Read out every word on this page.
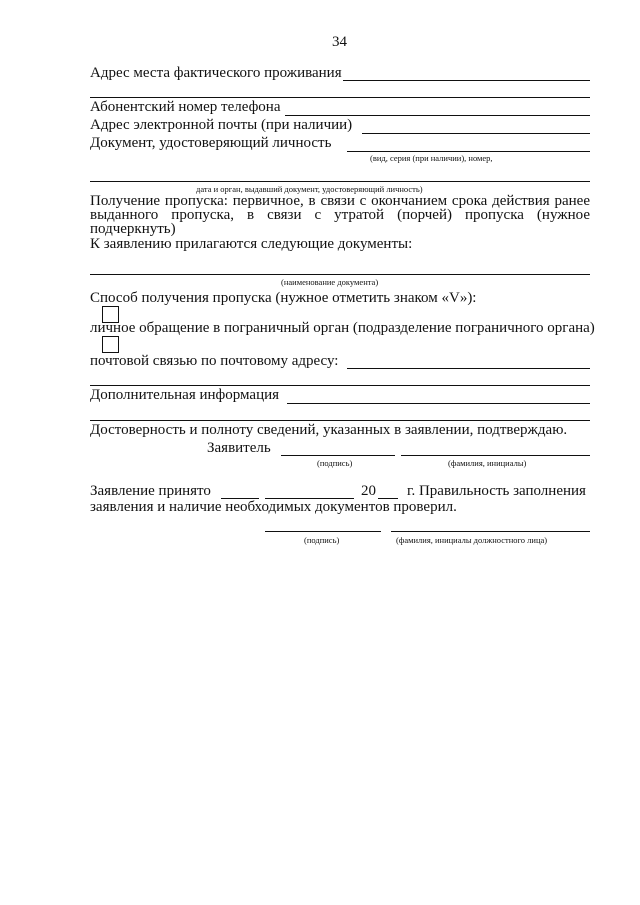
34
Адрес места фактического проживания
Абонентский номер телефона
Адрес электронной почты (при наличии)
Документ, удостоверяющий личность
(вид, серия (при наличии), номер,
дата и орган, выдавший документ, удостоверяющий личность)
Получение пропуска: первичное, в связи с окончанием срока действия ранее
выданного пропуска, в связи с утратой (порчей) пропуска (нужное
подчеркнуть)
К заявлению прилагаются следующие документы:
(наименование документа)
Способ получения пропуска (нужное отметить знаком «V»):
личное обращение в пограничный орган (подразделение пограничного органа)
почтовой связью по почтовому адресу:
Дополнительная информация
Достоверность и полноту сведений, указанных в заявлении, подтверждаю.
Заявитель
(подпись)	(фамилия, инициалы)
Заявление принято	20 г. Правильность заполнения
заявления и наличие необходимых документов проверил.
(подпись)	(фамилия, инициалы должностного лица)
